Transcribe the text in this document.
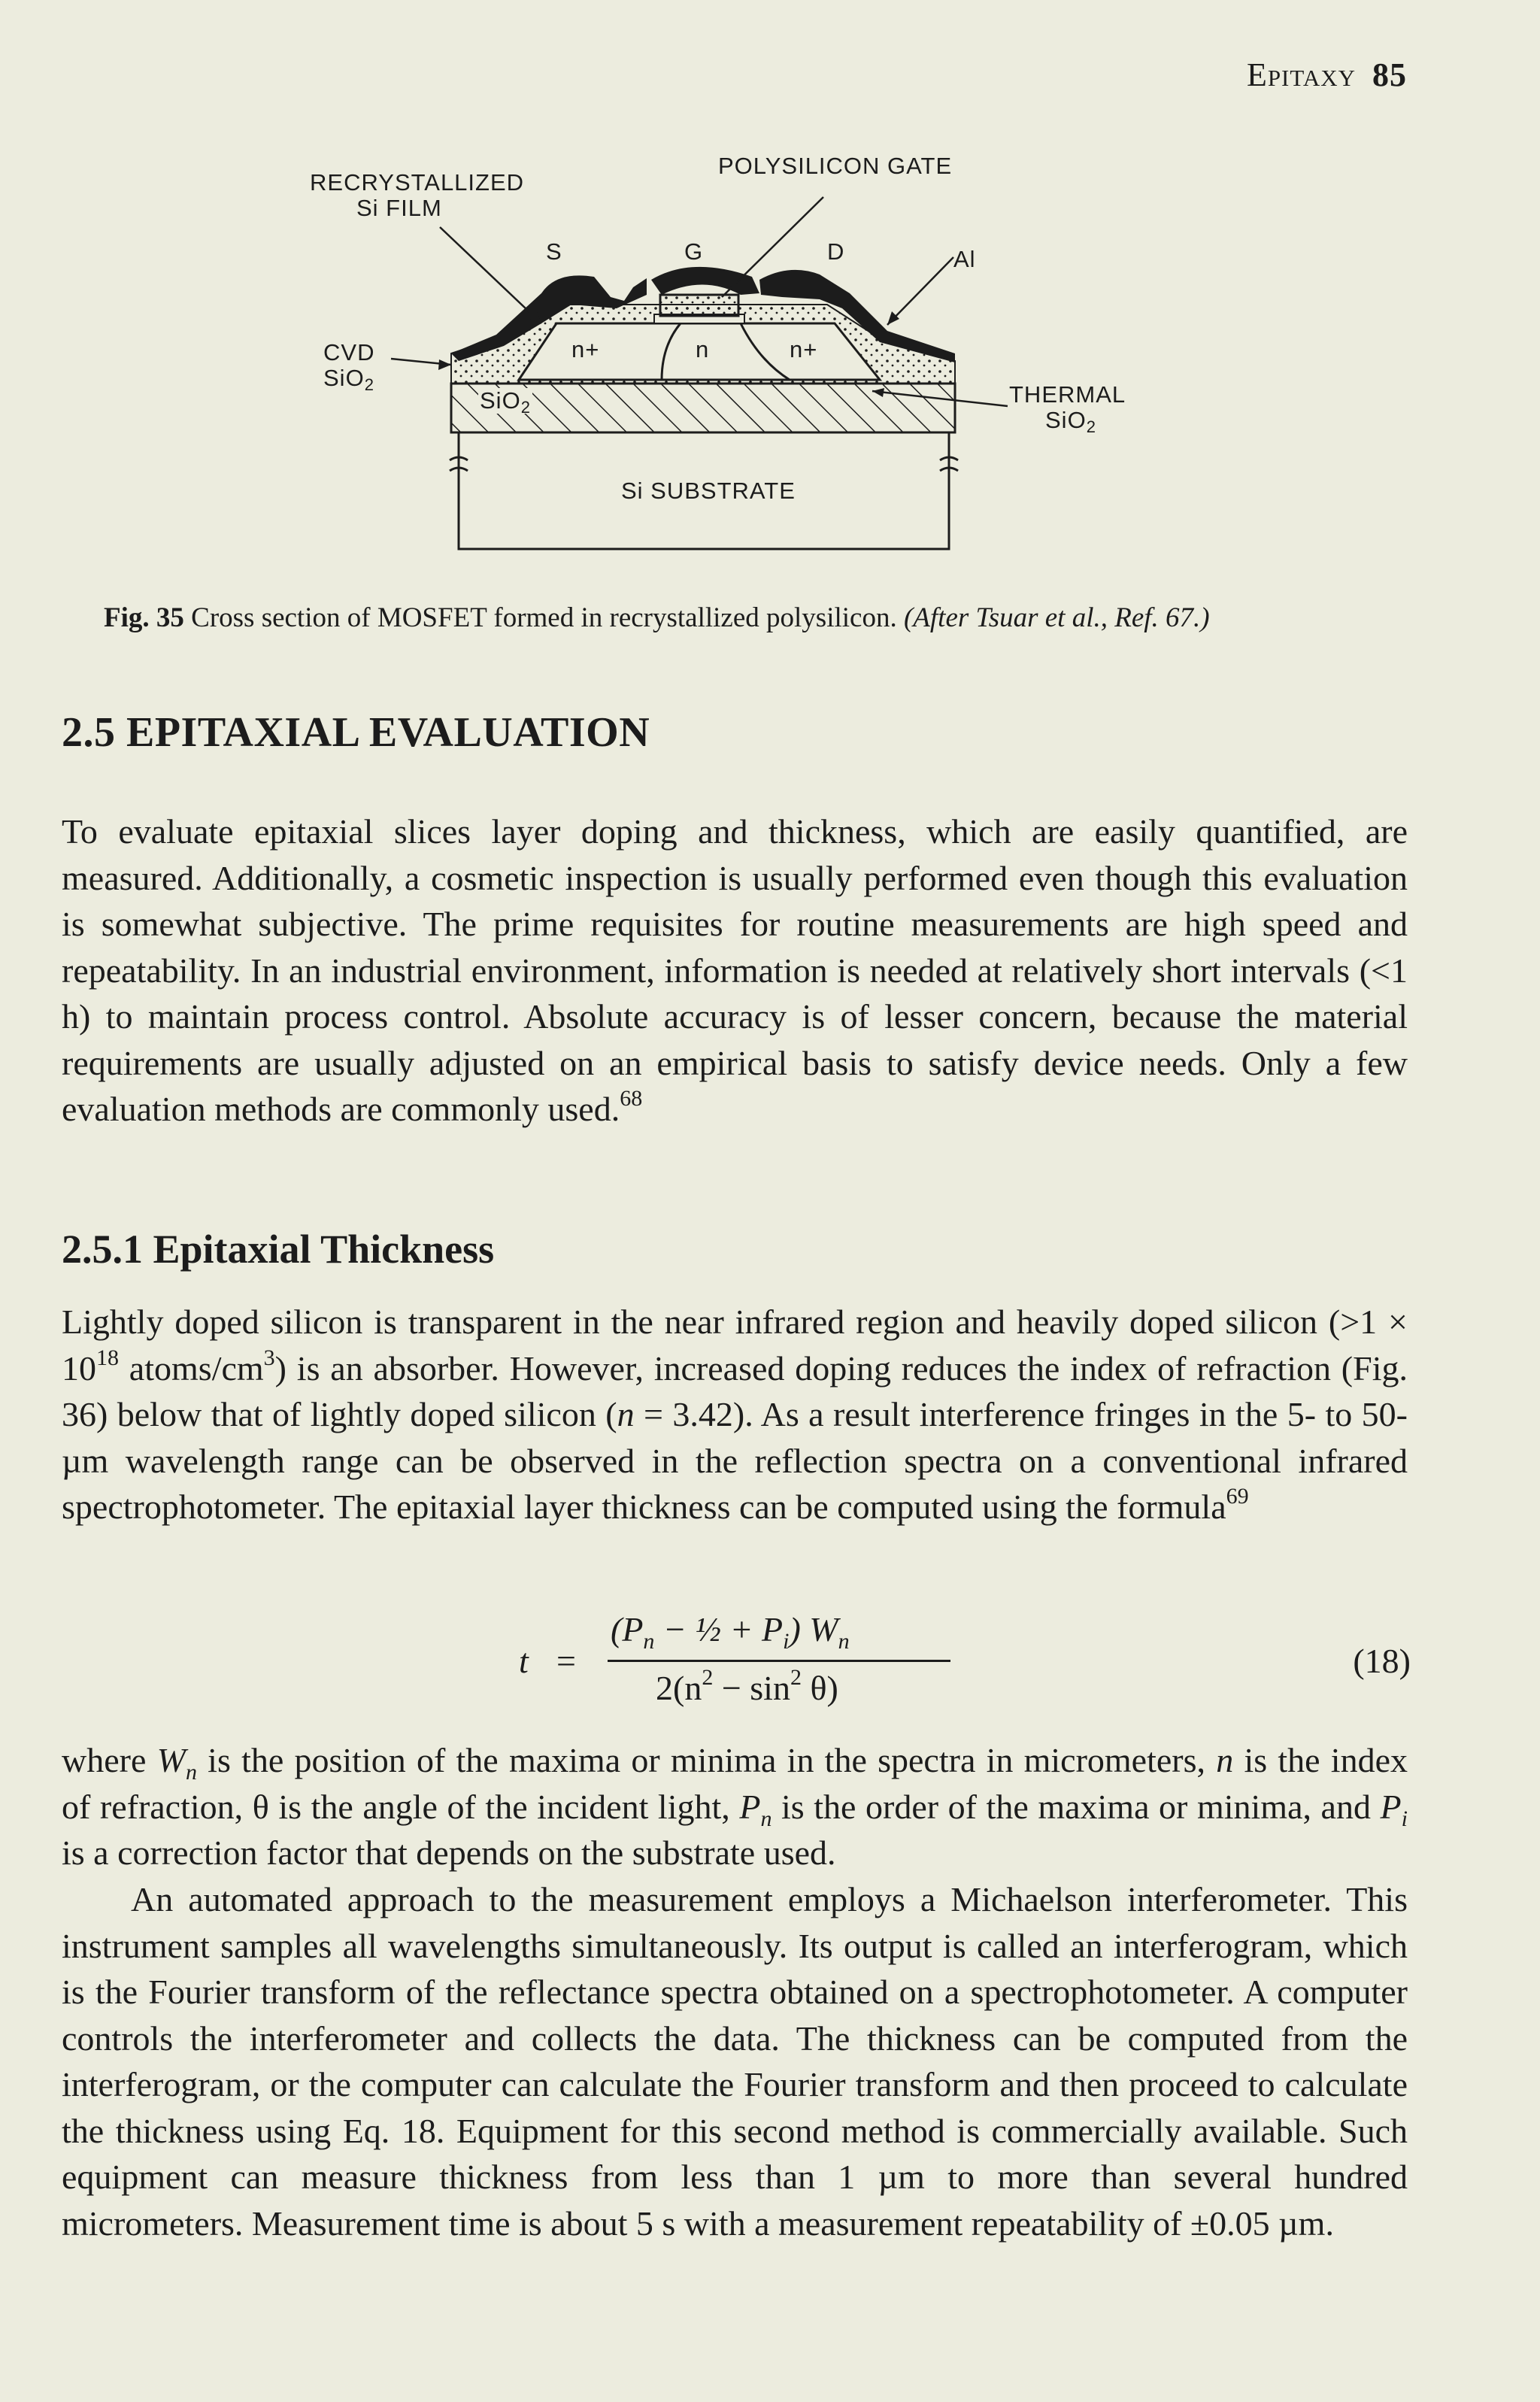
Epitaxy 85
RECRYSTALLIZED
Si FILM
POLYSILICON GATE
S	G	D	Al
CVD
SiO$_2$
n+	n	n+
SiO$_2$	THERMAL
SiO$_2$
Si SUBSTRATE
Fig. 35 Cross section of MOSFET formed in recrystallized polysilicon. (After Tsuar et al., Ref. 67.)
2.5 EPITAXIAL EVALUATION

To evaluate epitaxial slices layer doping and thickness, which are easily quantified, are measured. Additionally, a cosmetic inspection is usually performed even though this evaluation is somewhat subjective. The prime requisites for routine measurements are high speed and repeatability. In an industrial environment, information is needed at relatively short intervals (<1 h) to maintain process control. Absolute accuracy is of lesser concern, because the material requirements are usually adjusted on an empirical basis to satisfy device needs. Only a few evaluation methods are commonly used.$^{68}$

2.5.1 Epitaxial Thickness

Lightly doped silicon is transparent in the near infrared region and heavily doped silicon ($>1 \times 10^{18}$ atoms/$cm^3$) is an absorber. However, increased doping reduces the index of refraction (Fig. 36) below that of lightly doped silicon (n = 3.42). As a result interference fringes in the 5- to 50-µm wavelength range can be observed in the reflection spectra on a conventional infrared spectrophotometer. The epitaxial layer thickness can be computed using the formula$^{69}$

t =
($P_n$ − ½ + $P_i$) $W_n$
$2(n^2 - \sin^2 \theta)$
(18)

where $W_n$ is the position of the maxima or minima in the spectra in micrometers, n is the index of refraction, θ is the angle of the incident light, $P_n$ is the order of the maxima or minima, and $P_i$ is a correction factor that depends on the substrate used.

An automated approach to the measurement employs a Michaelson interferometer. This instrument samples all wavelengths simultaneously. Its output is called an interferogram, which is the Fourier transform of the reflectance spectra obtained on a spectrophotometer. A computer controls the interferometer and collects the data. The thickness can be computed from the interferogram, or the computer can calculate the Fourier transform and then proceed to calculate the thickness using Eq. 18. Equipment for this second method is commercially available. Such equipment can measure thickness from less than 1 µm to more than several hundred micrometers. Measurement time is about 5 s with a measurement repeatability of ±0.05 µm.
